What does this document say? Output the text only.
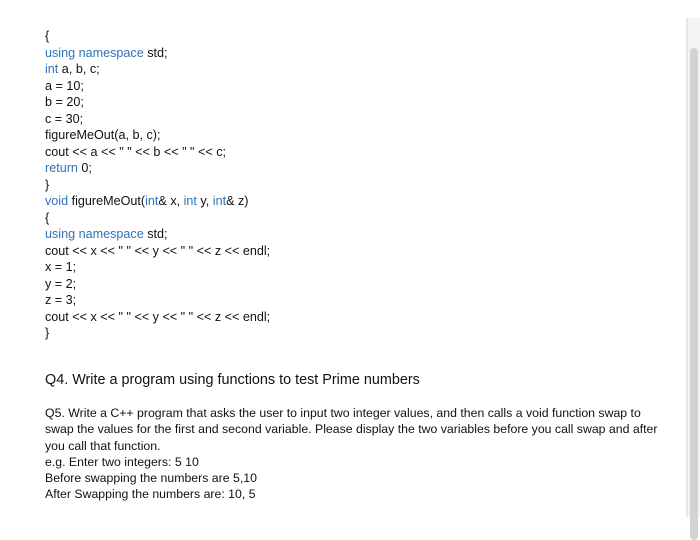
{
using namespace std;
int a, b, c;
a = 10;
b = 20;
c = 30;
figureMeOut(a, b, c);
cout << a << " " << b << " " << c;
return 0;
}
void figureMeOut(int& x, int y, int& z)
{
using namespace std;
cout << x << " " << y << " " << z << endl;
x = 1;
y = 2;
z = 3;
cout << x << " " << y << " " << z << endl;
}
Q4. Write a program using functions to test Prime numbers
Q5. Write a C++ program that asks the user to input two integer values, and then calls a void function swap to swap the values for the first and second variable. Please display the two variables before you call swap and after you call that function.
e.g. Enter two integers: 5 10
Before swapping the numbers are 5,10
After Swapping the numbers are: 10, 5
